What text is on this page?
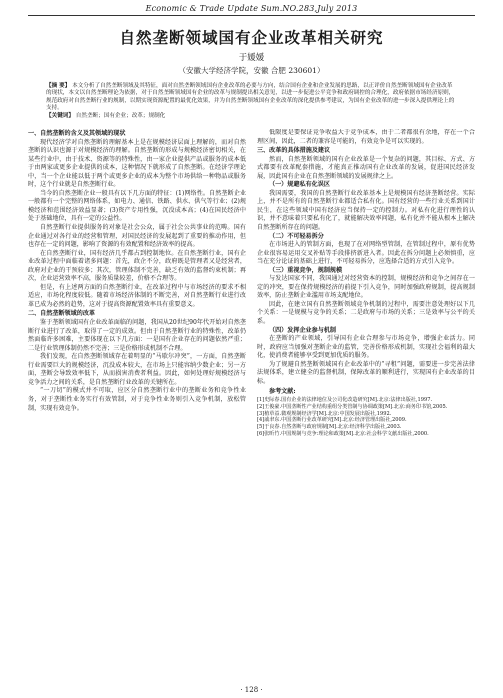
Economic & Trade Update Sum.NO.283,July 2013
自然垄断领域国有企业改革相关研究
于媛媛
（安徽大学经济学院，安徽 合肥 230601）
【摘 要】 本文分析了自然垄断领域及其特征，面对自然垄断领域国有企业改革的必要与方向，结合国有企业和企业发展的思路，以正评价自然垄断领域国有企业改革的现状，本文以自然垄断理论为依据，对于自然垄断领域国有企业的改革与规制提出相关意见，以进一步促进公平竞争和政府调控的合理化，政府依据市场经济原则，规范政府对自然垄断行业的规制，以期实现资源配置的最优化效果，并为自然垄断领域国有企业改革的深化提供参考建议，为国有企业改革的进一步深入提供理论上的支持。
【关键词】 自然垄断；国有企业；改革；规制化

一、自然垄断的含义及其领域的现状

现代经济学对自然垄断的理解基本上是在规模经济层面上理解的，而对自然垄断的认识也源于对规模经济的理解。自然垄断的形成与规模经济密切相关，在某些行业中，由于技术、资源等的特殊性，由一家企业提供产品或服务的成本低于由两家或更多企业提供的成本，这种情况下就形成了自然垄断。在经济学理论中，当一个企业能以低于两个或更多企业的成本为整个市场供给一种物品或服务时，这个行业就是自然垄断行业。

当今的自然垄断企业一般具有以下几方面的特征：(1)网络性。自然垄断企业一般都有一个完整的网络体系，如电力、通信、铁路、供水、供气等行业；(2)规模经济和范围经济效益显著；(3)资产专用性强，沉没成本高；(4)在国民经济中处于基础地位，具有一定的公益性。

自然垄断行业提供服务的对象是社会公众，属于社会公共事业的范畴。国有企业通过对各行业的经营和管理，对国民经济的发展起到了重要的推动作用，但也存在一定的问题，影响了资源的有效配置和经济效率的提高。

在自然垄断行业，国有经济几乎都占到控制地位。在自然垄断行业，国有企业改革过程中面临着诸多问题：首先，政企不分，政府既是管理者又是经营者，政府对企业的干预较多；其次，管理体制不完善，缺乏有效的监督约束机制；再次，企业运营效率不高，服务质量较差，价格不合理等。

但是，有上述两方面的自然垄断行业，在改革过程中与市场经济的要求不相适应，市场化程度较低。随着市场经济体制的不断完善，对自然垄断行业进行改革已成为必然的趋势，这对于提高资源配置效率具有重要意义。

二、自然垄断领域的改革

鉴于垄断领域国有企业改革面临的问题，我国从20世纪90年代开始对自然垄断行业进行了改革，取得了一定的成效。但由于自然垄断行业的特殊性，改革仍然面临许多困难，主要体现在以下几方面：一是国有企业存在的问题依然严重；二是行业管理体制仍然不完善；三是价格形成机制不合理。

我们发现，在自然垄断领域存在着明显的“马歇尔冲突”，一方面，自然垄断行业需要巨大的规模经济，沉没成本较大，在市场上只能容纳少数企业；另一方面，垄断会导致效率低下，从而损害消费者利益。因此，如何处理好规模经济与竞争活力之间的关系，是自然垄断行业改革的关键所在。

“一刀切”的模式并不可取，应区分自然垄断行业中的垄断业务和竞争性业务，对于垄断性业务实行有效管制，对于竞争性业务则引入竞争机制，放松管制，实现有效竞争。

低限度是要保证竞争收益大于竞争成本，由于二者都很有余地，存在一个合理区间，因此，二者的兼容是可能的，有效竞争是可以实现的。

三、改革的具体措施及建议

然而，自然垄断领域的国有企业改革是一个复杂的问题，其目标、方式、方式都要有改革配套措施，才能真正推动国有企业改革的发展，促进国民经济发展，因此国有企业在自然垄断领域的发展规律之上。

（一）规避私有化误区

我国需要，我国的自然垄断行业改革基本上是规模国有经济垄断经营。实际上，并不是所有的自然垄断行业都适合私有化。国有经营的一些行业关系到国计民生，在这些领域中国有经济应当保持一定的控制力。对私有化进行理性的认识，并不意味着只要私有化了，就能解决效率问题，私有化并不能从根本上解决自然垄断所存在的问题。

（二）不可轻易拆分

在市场进入的管制方面，也现了在对网络型管制，在管制过程中，原有优势企业很容易运用交叉补贴等手段排挤新进入者。因此在拆分问题上必须慎重，应当在充分论证的基础上进行，不可轻易拆分，应选择合适的方式引入竞争。

（三）重视竞争，规制规模

与发达国家不同，我国通过对经营资本的控制，规模经济和竞争之间存在一定的冲突，要在保持规模经济的前提下引入竞争，同时加强政府规制，提高规制效率，防止垄断企业滥用市场支配地位。

因此，在建立国有自然垄断领域竞争机制的过程中，需要注意处理好以下几个关系：一是规模与竞争的关系；二是政府与市场的关系；三是效率与公平的关系。

（四）发挥企业参与机制

在垄断的产业领域，引导国有企业合理参与市场竞争，增强企业活力。同时，政府应当加强对垄断企业的监管，完善价格形成机制，实现社会福利的最大化，使消费者能够享受到更加优质的服务。

为了规避自然垄断领域国有企业改革中的“寻租”问题，需要进一步完善法律法规体系，建立健全的监督机制，保障改革的顺利进行，实现国有企业改革的目标。

参考文献:

[1]史际春.国有企业的法律地位及公司化改造研究[M].北京:法律出版社,1997.

[2]王俊豪.中国垄断性产业结构重组分类管制与协调政策[M].北京:商务印书馆,2005.

[3]植草益.微观规制经济学[M].北京:中国发展出版社,1992.

[4]戚聿东.中国垄断行业改革研究[M].北京:经济管理出版社,2009.

[5]于良春.自然垄断与政府规制[M].北京:经济科学出版社,2003.

[6]张昕竹.中国规制与竞争:理论和政策[M].北京:社会科学文献出版社,2000.

· 128 ·
